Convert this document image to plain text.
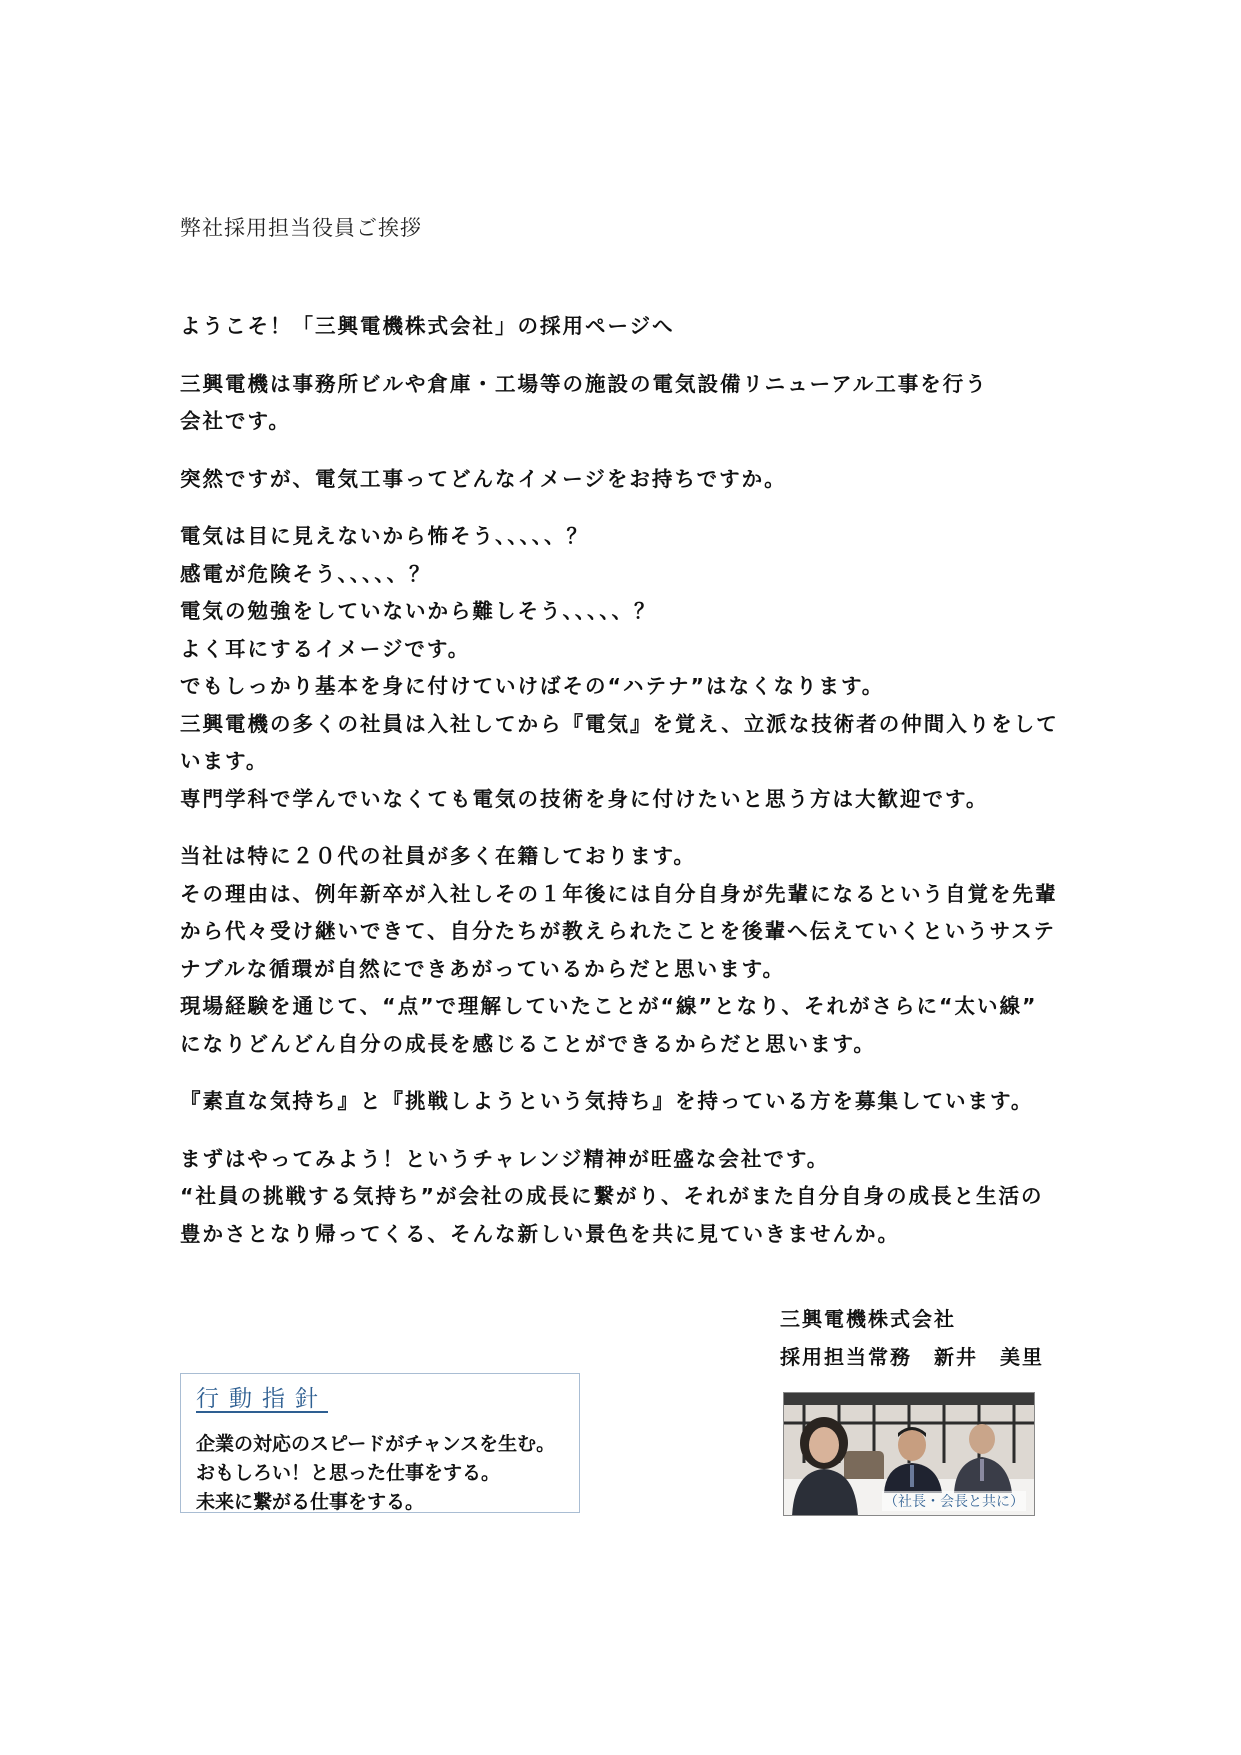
弊社採用担当役員ご挨拶
ようこそ！「三興電機株式会社」の採用ページへ
三興電機は事務所ビルや倉庫・工場等の施設の電気設備リニューアル工事を行う
会社です。
突然ですが、電気工事ってどんなイメージをお持ちですか。
電気は目に見えないから怖そう、、、、、？
感電が危険そう、、、、、？
電気の勉強をしていないから難しそう、、、、、？
よく耳にするイメージです。
でもしっかり基本を身に付けていけばその“ハテナ”はなくなります。
三興電機の多くの社員は入社してから『電気』を覚え、立派な技術者の仲間入りをして
います。
専門学科で学んでいなくても電気の技術を身に付けたいと思う方は大歓迎です。
当社は特に２０代の社員が多く在籍しております。
その理由は、例年新卒が入社しその１年後には自分自身が先輩になるという自覚を先輩
から代々受け継いできて、自分たちが教えられたことを後輩へ伝えていくというサステ
ナブルな循環が自然にできあがっているからだと思います。
現場経験を通じて、“点”で理解していたことが“線”となり、それがさらに“太い線”
になりどんどん自分の成長を感じることができるからだと思います。
『素直な気持ち』と『挑戦しようという気持ち』を持っている方を募集しています。
まずはやってみよう！というチャレンジ精神が旺盛な会社です。
“社員の挑戦する気持ち”が会社の成長に繋がり、それがまた自分自身の成長と生活の
豊かさとなり帰ってくる、そんな新しい景色を共に見ていきませんか。
三興電機株式会社
採用担当常務　新井　美里
行動指針
企業の対応のスピードがチャンスを生む。
おもしろい！と思った仕事をする。
未来に繋がる仕事をする。	（社長・会長と共に）
